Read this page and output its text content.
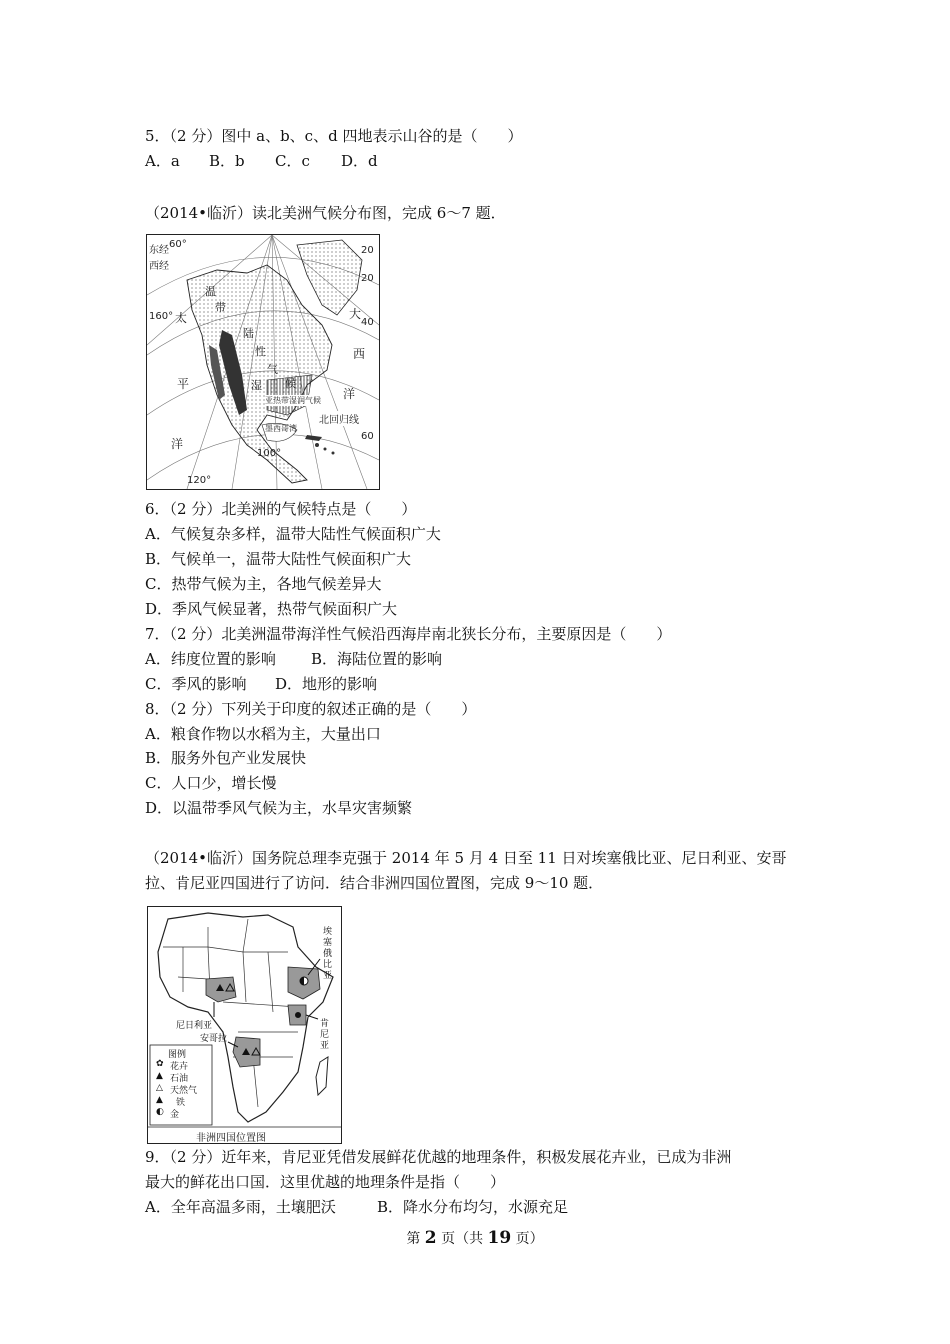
5．（2 分）图中 a、b、c、d 四地表示山谷的是（　　）
A．a B．b C．c D．d
（2014•临沂）读北美洲气候分布图，完成 6～7 题．
东经
西经
60°
160°
120°
100°
40
20
20
60
太
平
洋
大
西
洋
温
带
陆
性
气
候
湿
亚热带湿润气候
墨西哥湾
北回归线
6．（2 分）北美洲的气候特点是（　　）
A．气候复杂多样，温带大陆性气候面积广大
B．气候单一，温带大陆性气候面积广大
C．热带气候为主，各地气候差异大
D．季风气候显著，热带气候面积广大
7．（2 分）北美洲温带海洋性气候沿西海岸南北狭长分布，主要原因是（　　）
A．纬度位置的影响 B．海陆位置的影响
C．季风的影响 D．地形的影响
8．（2 分）下列关于印度的叙述正确的是（　　）
A．粮食作物以水稻为主，大量出口
B．服务外包产业发展快
C．人口少，增长慢
D．以温带季风气候为主，水旱灾害频繁
（2014•临沂）国务院总理李克强于 2014 年 5 月 4 日至 11 日对埃塞俄比亚、尼日利亚、安哥
拉、肯尼亚四国进行了访问．结合非洲四国位置图，完成 9～10 题．
埃塞俄比亚
尼日利亚	肯尼亚
安哥拉
图例
✿ 花卉
▲ 石油
△ 天然气
▲ 铁
◐ 金
非洲四国位置图
9．（2 分）近年来，肯尼亚凭借发展鲜花优越的地理条件，积极发展花卉业，已成为非洲
最大的鲜花出口国．这里优越的地理条件是指（　　）
A．全年高温多雨，土壤肥沃	B．降水分布均匀，水源充足
第 2 页（共 19 页）
